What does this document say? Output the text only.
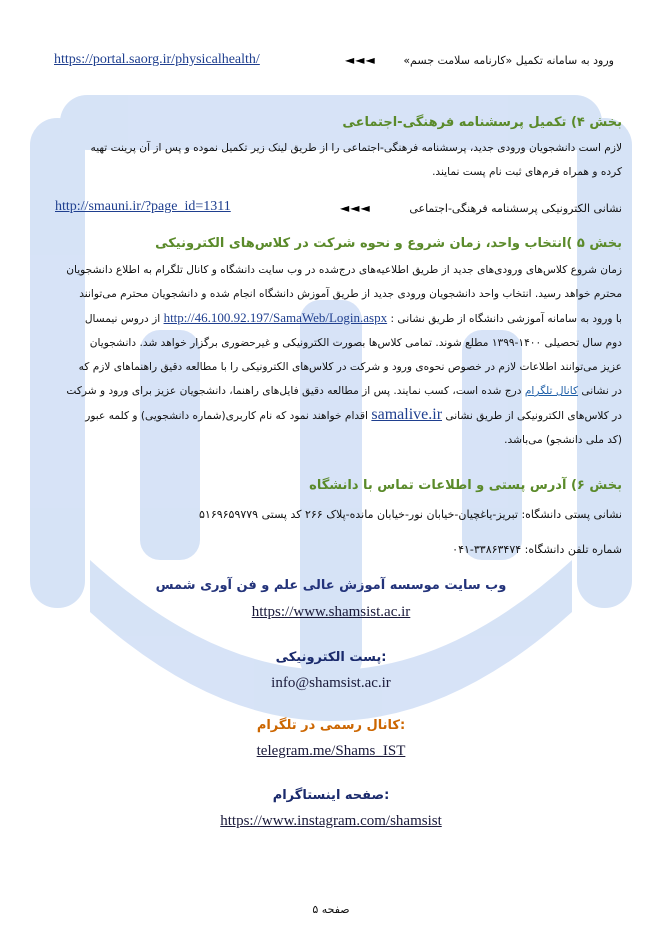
ورود به سامانه تکمیل «کارنامه سلامت جسم»
◄◄◄
https://portal.saorg.ir/physicalhealth/
بخش ۴) تکمیل پرسشنامه فرهنگی-اجتماعی
لازم است دانشجویان ورودی جدید، پرسشنامه فرهنگی-اجتماعی را از طریق لینک زیر تکمیل نموده و پس از آن پرینت تهیه
کرده و همراه فرم‌های ثبت نام پست نمایند.
نشانی الکترونیکی پرسشنامه فرهنگی-اجتماعی
◄◄◄
http://smauni.ir/?page_id=1311
بخش ۵ )انتخاب واحد، زمان شروع و نحوه شرکت در کلاس‌های الکترونیکی
زمان شروع کلاس‌های ورودی‌های جدید از طریق اطلاعیه‌های درج‌شده در وب سایت دانشگاه و کانال تلگرام به اطلاع دانشجویان
محترم خواهد رسید. انتخاب واحد دانشجویان ورودی جدید از طریق آموزش دانشگاه انجام شده و دانشجویان محترم می‌توانند
با ورود به سامانه آموزشی دانشگاه از طریق نشانی : http://46.100.92.197/SamaWeb/Login.aspx از دروس نیمسال
دوم سال تحصیلی ۱۴۰۰-۱۳۹۹ مطلع شوند. تمامی کلاس‌ها بصورت الکترونیکی و غیرحضوری برگزار خواهد شد. دانشجویان
عزیز می‌توانند اطلاعات لازم در خصوص نحوه‌ی ورود و شرکت در کلاس‌های الکترونیکی را با مطالعه دقیق راهنماهای لازم که
در نشانی کانال تلگرام درج شده است، کسب نمایند. پس از مطالعه دقیق فایل‌های راهنما، دانشجویان عزیز برای ورود و شرکت
در کلاس‌های الکترونیکی از طریق نشانی samalive.ir اقدام خواهند نمود که نام کاربری(شماره دانشجویی) و کلمه عبور
(کد ملی دانشجو) می‌باشد.
بخش ۶) آدرس پستی و اطلاعات تماس با دانشگاه
نشانی پستی دانشگاه: تبریز-یاغچیان-خیابان نور-خیابان مانده-پلاک ۲۶۶ کد پستی ۵۱۶۹۶۵۹۷۷۹
شماره تلفن دانشگاه: ۳۳۸۶۳۴۷۴-۰۴۱
وب سایت موسسه آموزش عالی علم و فن آوری شمس
https://www.shamsist.ac.ir
پست الکترونیکی:
info@shamsist.ac.ir
کانال رسمی در تلگرام:
telegram.me/Shams_IST
صفحه اینستاگرام:
https://www.instagram.com/shamsist
صفحه ۵
